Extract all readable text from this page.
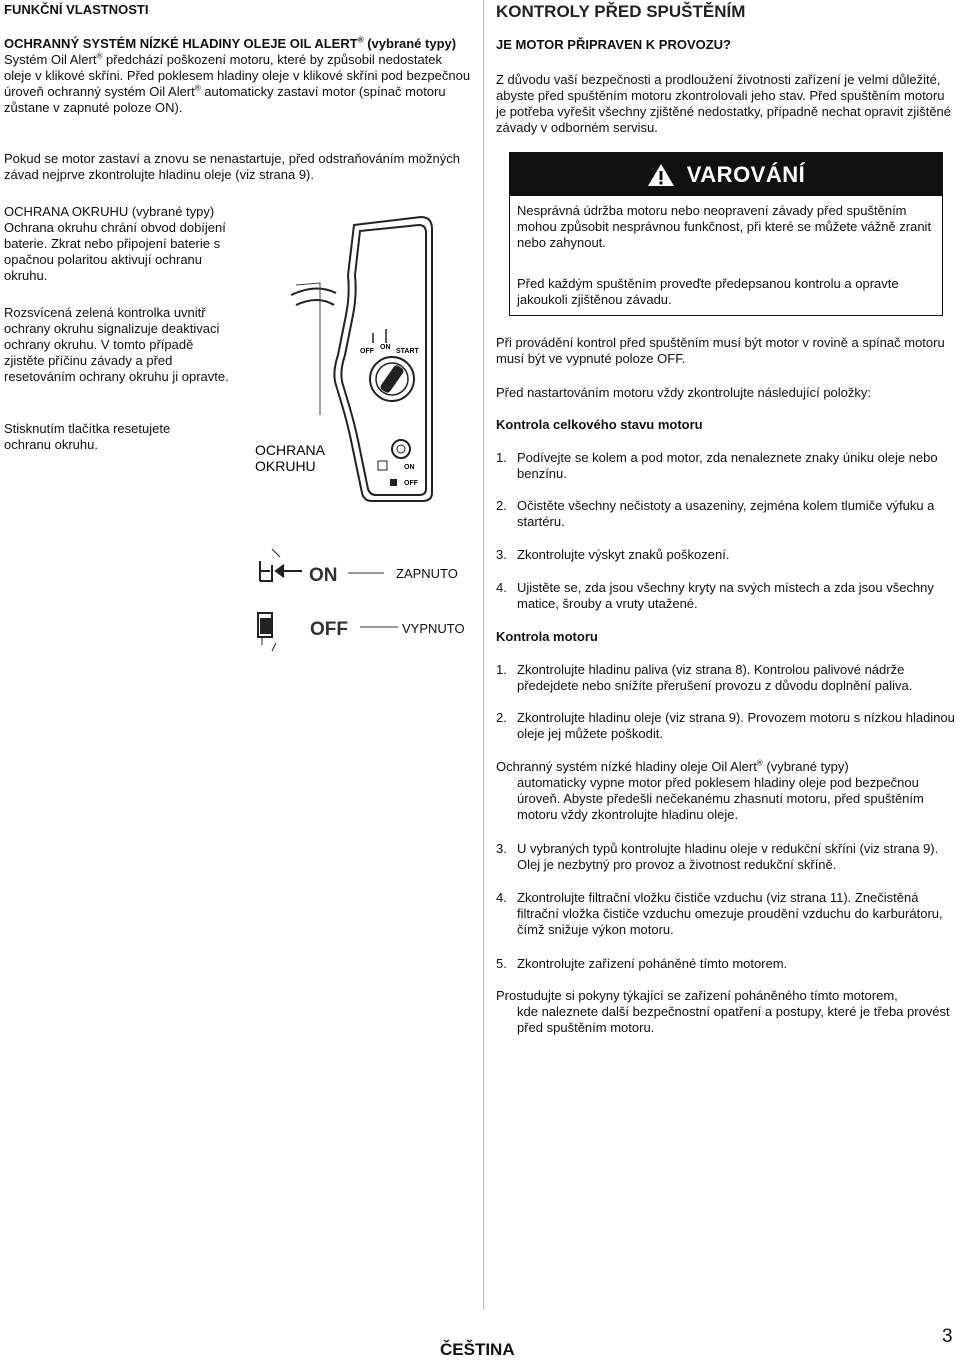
FUNKČNÍ VLASTNOSTI
OCHRANNÝ SYSTÉM NÍZKÉ HLADINY OLEJE OIL ALERT® (vybrané typy)
Systém Oil Alert® předchází poškození motoru, které by způsobil nedostatek oleje v klikové skříni. Před poklesem hladiny oleje v klikové skříni pod bezpečnou úroveň ochranný systém Oil Alert® automaticky zastaví motor (spínač motoru zůstane v zapnuté poloze ON).
Pokud se motor zastaví a znovu se nenastartuje, před odstraňováním možných závad nejprve zkontrolujte hladinu oleje (viz strana 9).
OCHRANA OKRUHU (vybrané typy)
Ochrana okruhu chrání obvod dobíjení baterie. Zkrat nebo připojení baterie s opačnou polaritou aktivují ochranu okruhu.
Rozsvícená zelená kontrolka uvnitř ochrany okruhu signalizuje deaktivaci ochrany okruhu. V tomto případě zjistěte příčinu závady a před resetováním ochrany okruhu ji opravte.
Stisknutím tlačítka resetujete ochranu okruhu.
OFF
ON
START
ON
OFF
OCHRANA
OKRUHU
ON
OFF
ZAPNUTO
VYPNUTO
KONTROLY PŘED SPUŠTĚNÍM
JE MOTOR PŘIPRAVEN K PROVOZU?
Z důvodu vaší bezpečnosti a prodloužení životnosti zařízení je velmi důležité, abyste před spuštěním motoru zkontrolovali jeho stav. Před spuštěním motoru je potřeba vyřešit všechny zjištěné nedostatky, případně nechat opravit zjištěné závady v odborném servisu.
VAROVÁNÍ
Nesprávná údržba motoru nebo neopravení závady před spuštěním mohou způsobit nesprávnou funkčnost, při které se můžete vážně zranit nebo zahynout.
Před každým spuštěním proveďte předepsanou kontrolu a opravte jakoukoli zjištěnou závadu.
Při provádění kontrol před spuštěním musí být motor v rovině a spínač motoru musí být ve vypnuté poloze OFF.
Před nastartováním motoru vždy zkontrolujte následující položky:
Kontrola celkového stavu motoru
1. Podívejte se kolem a pod motor, zda nenaleznete znaky úniku oleje nebo benzínu.
2. Očistěte všechny nečistoty a usazeniny, zejména kolem tlumiče výfuku a startéru.
3. Zkontrolujte výskyt znaků poškození.
4. Ujistěte se, zda jsou všechny kryty na svých místech a zda jsou všechny matice, šrouby a vruty utažené.
Kontrola motoru
1. Zkontrolujte hladinu paliva (viz strana 8). Kontrolou palivové nádrže předejdete nebo snížíte přerušení provozu z důvodu doplnění paliva.
2. Zkontrolujte hladinu oleje (viz strana 9). Provozem motoru s nízkou hladinou oleje jej můžete poškodit.
Ochranný systém nízké hladiny oleje Oil Alert® (vybrané typy)
automaticky vypne motor před poklesem hladiny oleje pod bezpečnou úroveň. Abyste předešli nečekanému zhasnutí motoru, před spuštěním motoru vždy zkontrolujte hladinu oleje.
3. U vybraných typů kontrolujte hladinu oleje v redukční skříni (viz strana 9). Olej je nezbytný pro provoz a životnost redukční skříně.
4. Zkontrolujte filtrační vložku čističe vzduchu (viz strana 11). Znečistěná filtrační vložka čističe vzduchu omezuje proudění vzduchu do karburátoru, čímž snižuje výkon motoru.
5. Zkontrolujte zařízení poháněné tímto motorem.
Prostudujte si pokyny týkající se zařízení poháněného tímto motorem,
kde naleznete další bezpečnostní opatření a postupy, které je třeba provést před spuštěním motoru.
ČEŠTINA
3
